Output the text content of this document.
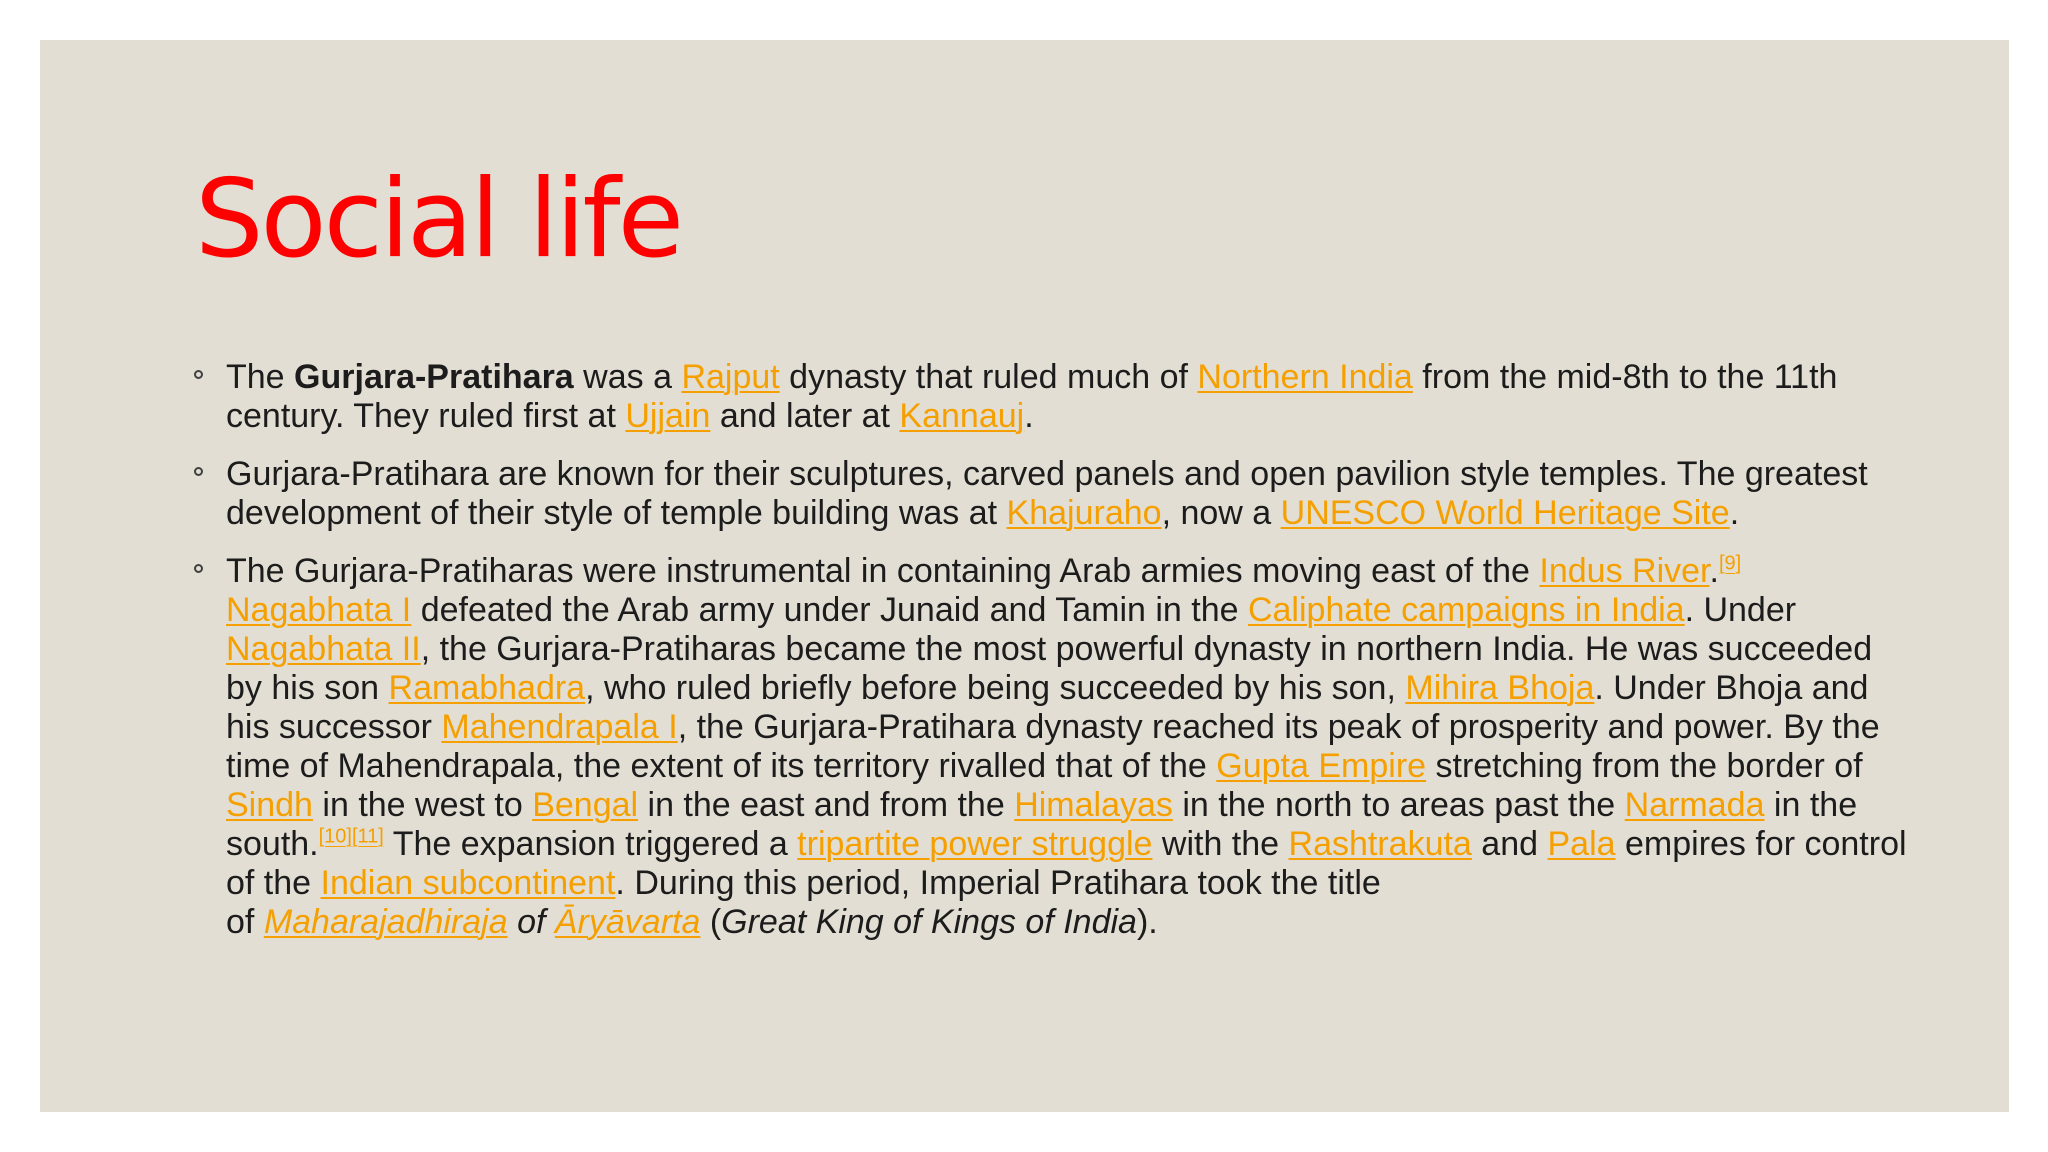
Social life
The Gurjara-Pratihara was a Rajput dynasty that ruled much of Northern India from the mid-8th to the 11th century. They ruled first at Ujjain and later at Kannauj.
Gurjara-Pratihara are known for their sculptures, carved panels and open pavilion style temples. The greatest development of their style of temple building was at Khajuraho, now a UNESCO World Heritage Site.
The Gurjara-Pratiharas were instrumental in containing Arab armies moving east of the Indus River.[9] Nagabhata I defeated the Arab army under Junaid and Tamin in the Caliphate campaigns in India. Under Nagabhata II, the Gurjara-Pratiharas became the most powerful dynasty in northern India. He was succeeded by his son Ramabhadra, who ruled briefly before being succeeded by his son, Mihira Bhoja. Under Bhoja and his successor Mahendrapala I, the Gurjara-Pratihara dynasty reached its peak of prosperity and power. By the time of Mahendrapala, the extent of its territory rivalled that of the Gupta Empire stretching from the border of Sindh in the west to Bengal in the east and from the Himalayas in the north to areas past the Narmada in the south.[10][11] The expansion triggered a tripartite power struggle with the Rashtrakuta and Pala empires for control of the Indian subcontinent. During this period, Imperial Pratihara took the title
of Maharajadhiraja of Āryāvarta (Great King of Kings of India).
